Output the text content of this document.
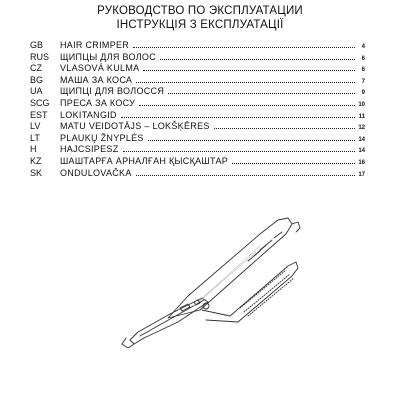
РУКОВОДСТВО ПО ЭКСПЛУАТАЦИИ
ІНСТРУКЦІЯ З ЕКСПЛУАТАЦІЇ
GB	HAIR CRIMPER	4
RUS	ЩИПЦЫ ДЛЯ ВОЛОС	6
CZ	VLASOVÁ KULMA	6
BG	МАША ЗА КОСА	7
UA	ЩИПЦІ ДЛЯ ВОЛОССЯ	9
SCG	ПРЕСА ЗА КОСУ	10
EST	LOKITANGID	11
LV	MATU VEIDOTĀJS – LOKŠĶĒRES	12
LT	PLAUKŲ ŽNYPLĖS	14
H	HAJCSIPESZ	14
KZ	ШАШТАРҒА АРНАЛҒАН ҚЫСҚАШТАР	16
SK	ONDULOVAČKA	17
